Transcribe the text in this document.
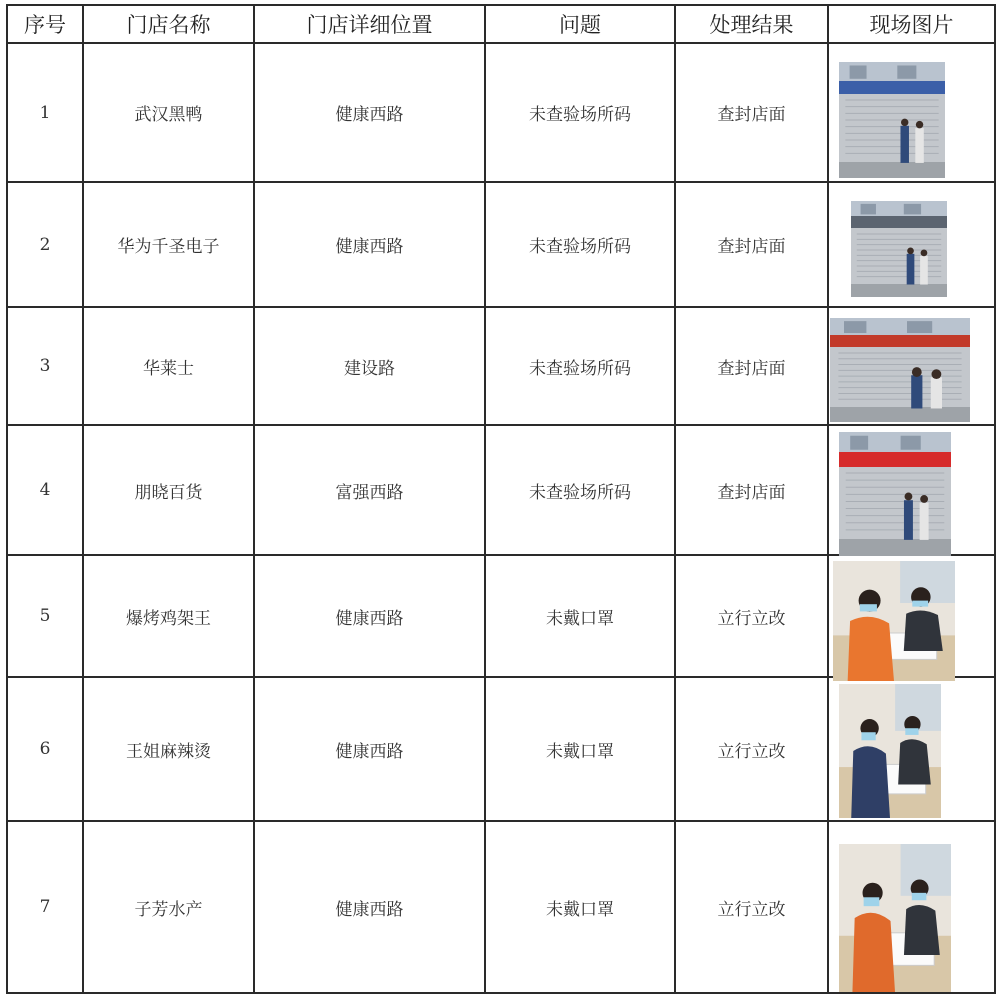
序号	门店名称	门店详细位置	问题	处理结果	现场图片
1	武汉黑鸭	健康西路	未查验场所码	查封店面	

2	华为千圣电子	健康西路	未查验场所码	查封店面	

3	华莱士	建设路	未查验场所码	查封店面	

4	朋晓百货	富强西路	未查验场所码	查封店面	

5	爆烤鸡架王	健康西路	未戴口罩	立行立改	

6	王姐麻辣烫	健康西路	未戴口罩	立行立改	

7	子芳水产	健康西路	未戴口罩	立行立改	
